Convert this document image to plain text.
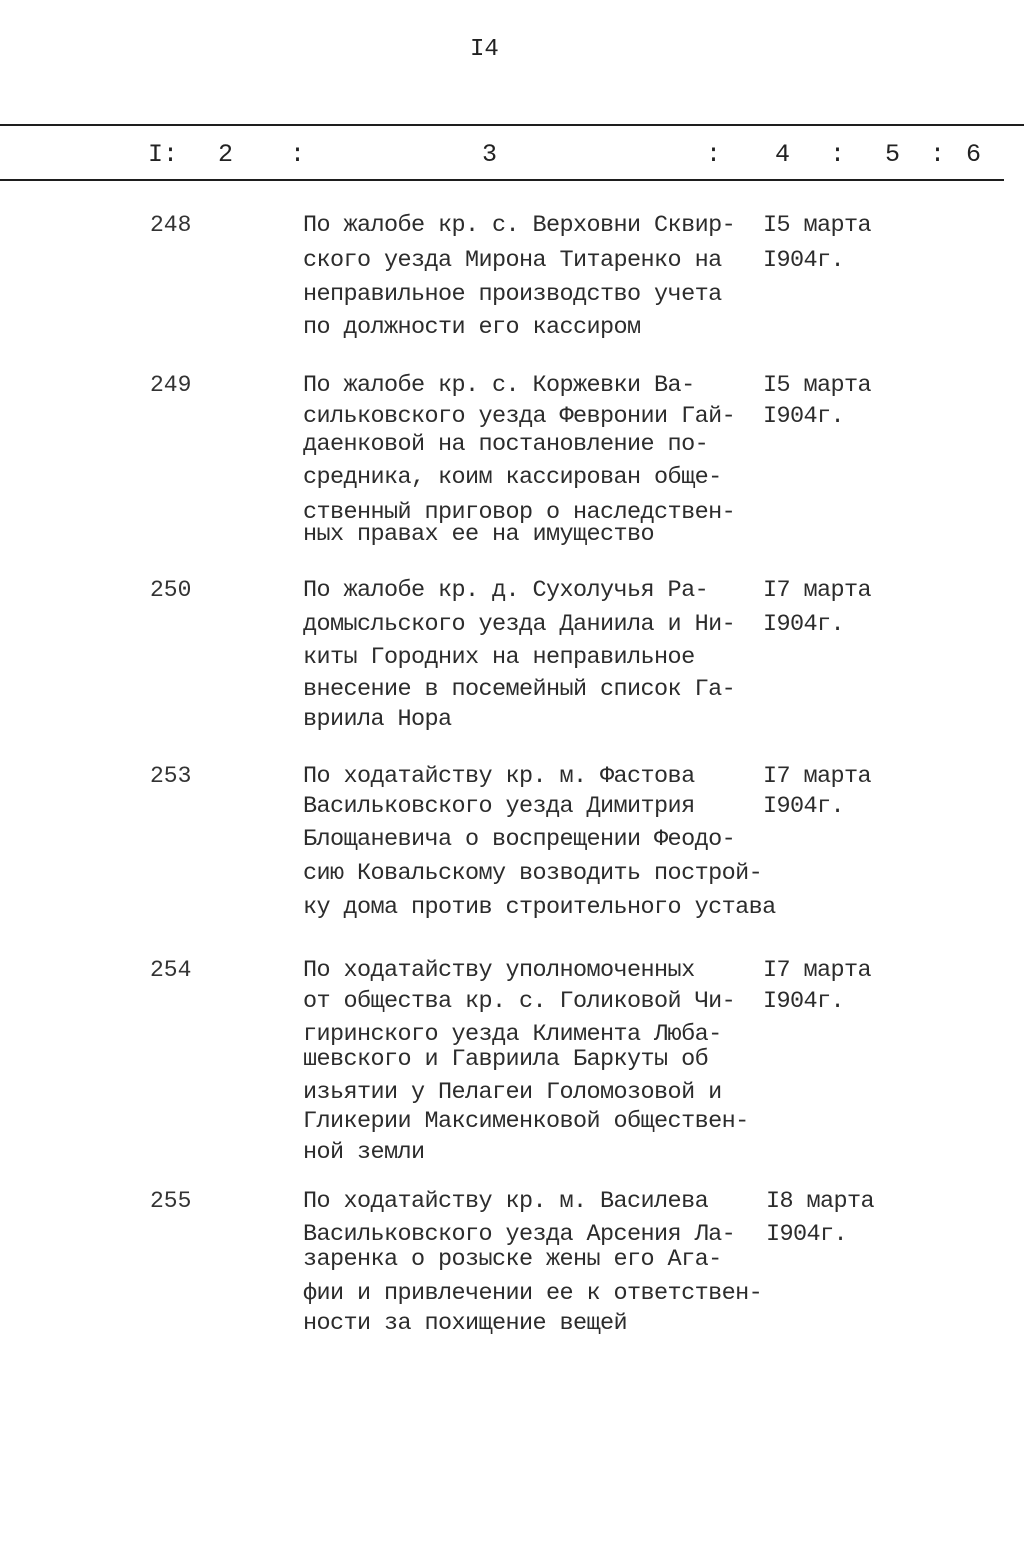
I4
I: 2 :	3	: 4 : 5 : 6
248	По жалобе кр. с. Верховни Сквир-
ского уезда Мирона Титаренко на
неправильное производство учета
по должности его кассиром
I5 марта
I904г.
249	По жалобе кр. с. Коржевки Ва-
сильковского уезда Февронии Гай-
даенковой на постановление по-
средника, коим кассирован обще-
ственный приговор о наследствен-
ных правах ее на имущество
I5 марта
I904г.
250	По жалобе кр. д. Сухолучья Ра-
домысльского уезда Даниила и Ни-
киты Городних на неправильное
внесение в посемейный список Га-
вриила Нора
I7 марта
I904г.
253	По ходатайству кр. м. Фастова
Васильковского уезда Димитрия
Блощаневича о воспрещении Феодо-
сию Ковальскому возводить построй-
ку дома против строительного устава
I7 марта
I904г.
254	По ходатайству уполномоченных
от общества кр. с. Голиковой Чи-
гиринского уезда Климента Люба-
шевского и Гавриила Баркуты об
изьятии у Пелагеи Голомозовой и
Гликерии Максименковой обществен-
ной земли
I7 марта
I904г.
255	По ходатайству кр. м. Василева
Васильковского уезда Арсения Ла-
заренка о розыске жены его Ага-
фии и привлечении ее к ответствен-
ности за похищение вещей
I8 марта
I904г.
